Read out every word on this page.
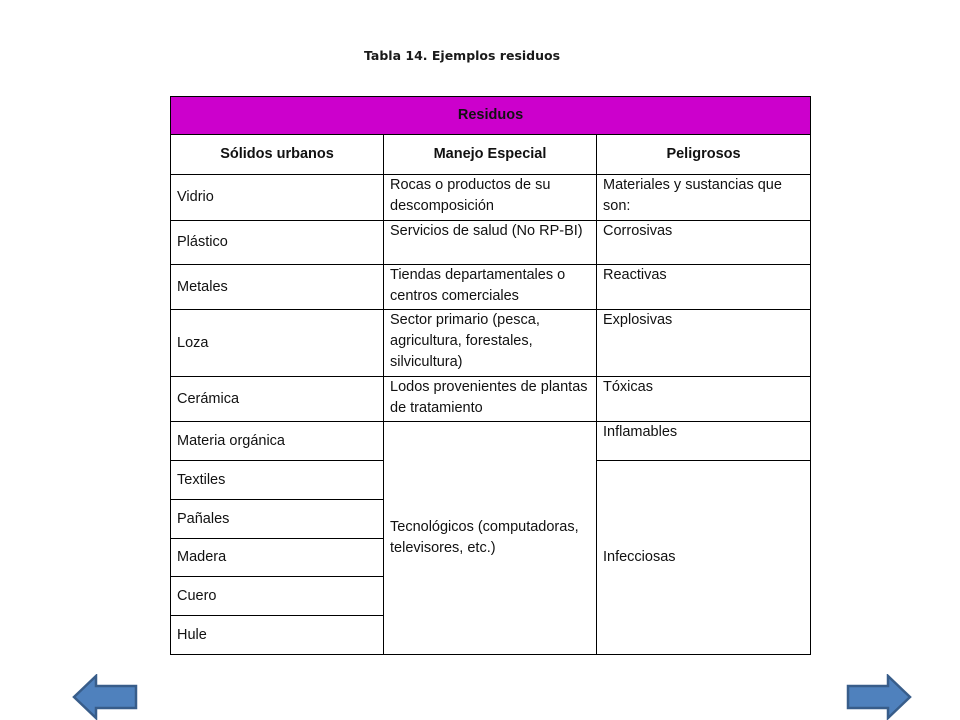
Tabla 14. Ejemplos residuos
Residuos		
Sólidos urbanos	Manejo Especial	Peligrosos
Vidrio	Rocas o productos de su descomposición	Materiales y sustancias que son:
Plástico	Servicios de salud (No RP-BI)	Corrosivas
Metales	Tiendas departamentales o centros comerciales	Reactivas
Loza	Sector primario (pesca, agricultura, forestales, silvicultura)	Explosivas
Cerámica	Lodos provenientes de plantas de tratamiento	Tóxicas
Materia orgánica	Tecnológicos (computadoras, televisores, etc.)	Inflamables
Textiles		Infecciosas
Pañales		
Madera		
Cuero		
Hule		
